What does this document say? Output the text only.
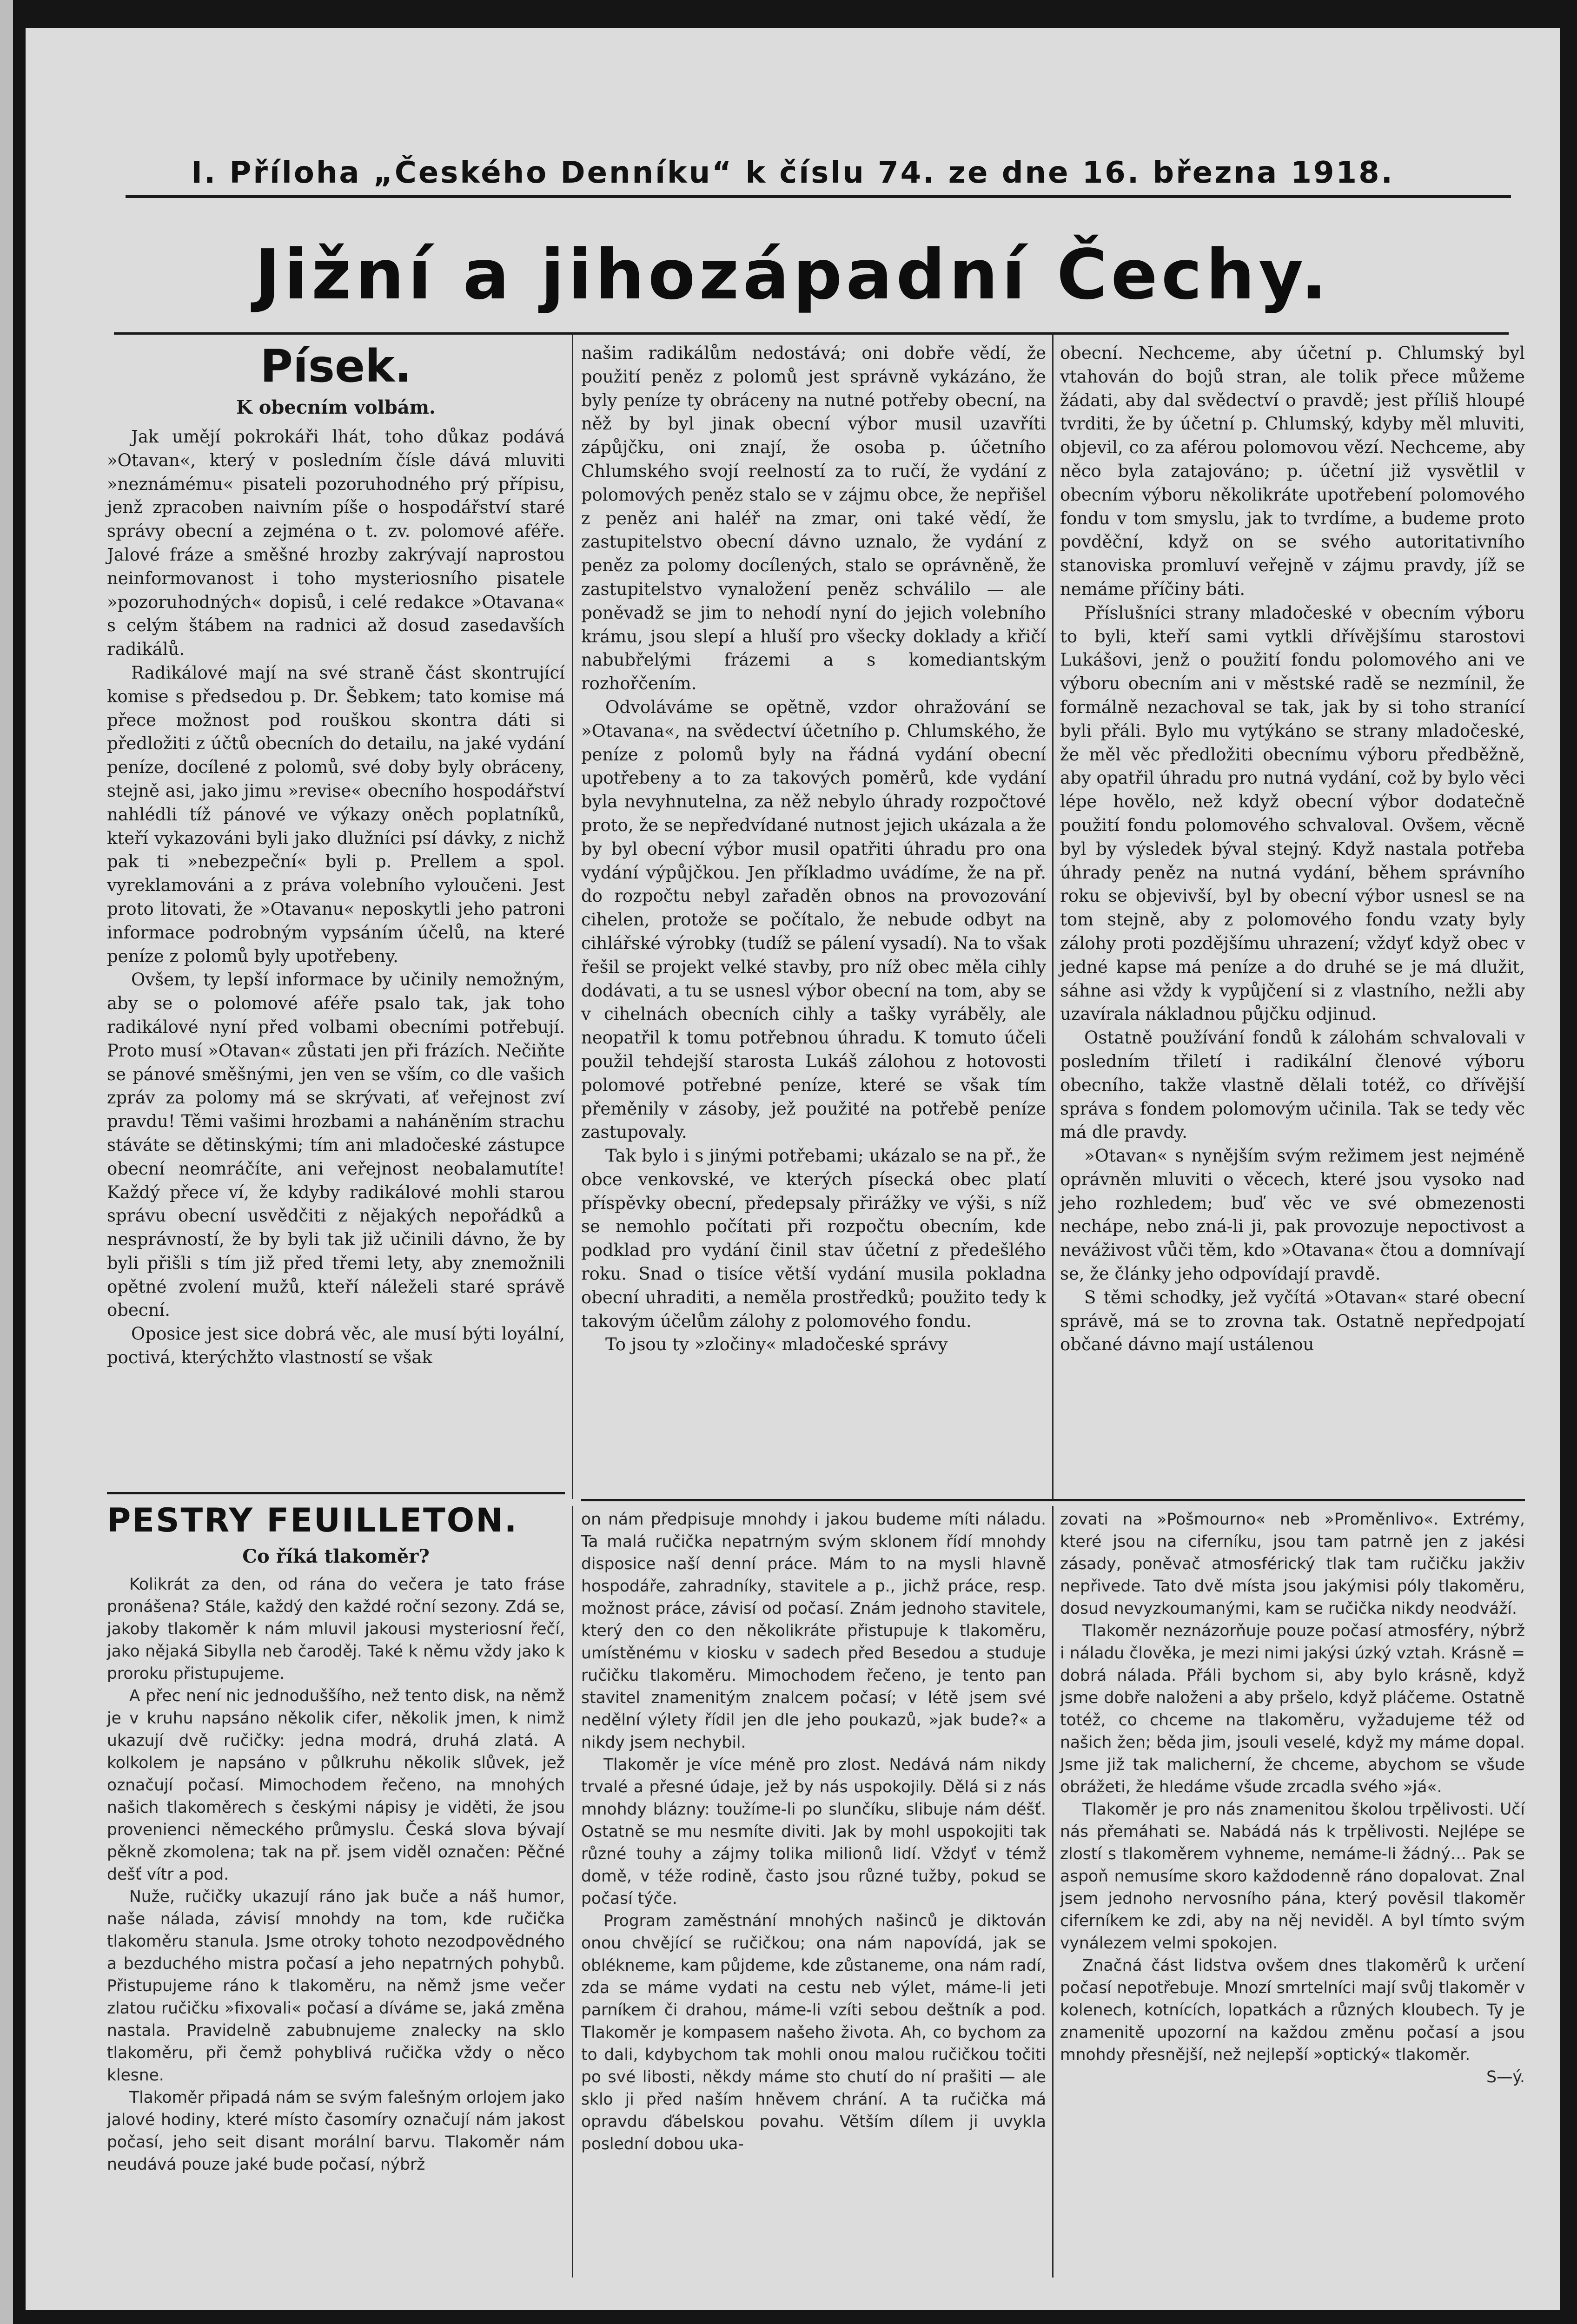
I. Příloha „Českého Denníku“ k číslu 74. ze dne 16. března 1918.
Jižní a jihozápadní Čechy.
Písek.
K obecním volbám.

Jak umějí pokrokáři lhát, toho důkaz podává »Otavan«, který v posledním čísle dává mluviti »neznámému« pisateli pozoruhodného prý přípisu, jenž zpracoben naivním píše o hospodářství staré správy obecní a zejména o t. zv. polomové aféře. Jalové fráze a směšné hrozby zakrývají naprostou neinformovanost i toho mysteriosního pisatele »pozoruhodných« dopisů, i celé redakce »Otavana« s celým štábem na radnici až dosud zasedavších radikálů.

Radikálové mají na své straně část skontrující komise s předsedou p. Dr. Šebkem; tato komise má přece možnost pod rouškou skontra dáti si předložiti z účtů obecních do detailu, na jaké vydání peníze, docílené z polomů, své doby byly obráceny, stejně asi, jako jimu »revise« obecního hospodářství nahlédli tíž pánové ve výkazy oněch poplatníků, kteří vykazováni byli jako dlužníci psí dávky, z nichž pak ti »nebezpeční« byli p. Prellem a spol. vyreklamováni a z práva volebního vyloučeni. Jest proto litovati, že »Otavanu« neposkytli jeho patroni informace podrobným vypsáním účelů, na které peníze z polomů byly upotřebeny.

Ovšem, ty lepší informace by učinily nemožným, aby se o polomové aféře psalo tak, jak toho radikálové nyní před volbami obecními potřebují. Proto musí »Otavan« zůstati jen při frázích. Nečiňte se pánové směšnými, jen ven se vším, co dle vašich zpráv za polomy má se skrývati, ať veřejnost zví pravdu! Těmi vašimi hrozbami a naháněním strachu stáváte se dětinskými; tím ani mladočeské zástupce obecní neomráčíte, ani veřejnost neobalamutíte! Každý přece ví, že kdyby radikálové mohli starou správu obecní usvědčiti z nějakých nepořádků a nesprávností, že by byli tak již učinili dávno, že by byli přišli s tím již před třemi lety, aby znemožnili opětné zvolení mužů, kteří náleželi staré správě obecní.

Oposice jest sice dobrá věc, ale musí býti loyální, poctivá, kterýchžto vlastností se však

našim radikálům nedostává; oni dobře vědí, že použití peněz z polomů jest správně vykázáno, že byly peníze ty obráceny na nutné potřeby obecní, na něž by byl jinak obecní výbor musil uzavříti zápůjčku, oni znají, že osoba p. účetního Chlumského svojí reelností za to ručí, že vydání z polomových peněz stalo se v zájmu obce, že nepřišel z peněz ani haléř na zmar, oni také vědí, že zastupitelstvo obecní dávno uznalo, že vydání z peněz za polomy docílených, stalo se oprávněně, že zastupitelstvo vynaložení peněz schválilo — ale poněvadž se jim to nehodí nyní do jejich volebního krámu, jsou slepí a hluší pro všecky doklady a křičí nabubřelými frázemi a s komediantským rozhořčením.

Odvoláváme se opětně, vzdor ohražování se »Otavana«, na svědectví účetního p. Chlumského, že peníze z polomů byly na řádná vydání obecní upotřebeny a to za takových poměrů, kde vydání byla nevyhnutelna, za něž nebylo úhrady rozpočtové proto, že se nepředvídané nutnost jejich ukázala a že by byl obecní výbor musil opatřiti úhradu pro ona vydání výpůjčkou. Jen příkladmo uvádíme, že na př. do rozpočtu nebyl zařaděn obnos na provozování cihelen, protože se počítalo, že nebude odbyt na cihlářské výrobky (tudíž se pálení vysadí). Na to však řešil se projekt velké stavby, pro níž obec měla cihly dodávati, a tu se usnesl výbor obecní na tom, aby se v cihelnách obecních cihly a tašky vyráběly, ale neopatřil k tomu potřebnou úhradu. K tomuto účeli použil tehdejší starosta Lukáš zálohou z hotovosti polomové potřebné peníze, které se však tím přeměnily v zásoby, jež použité na potřebě peníze zastupovaly.

Tak bylo i s jinými potřebami; ukázalo se na př., že obce venkovské, ve kterých písecká obec platí příspěvky obecní, předepsaly přirážky ve výši, s níž se nemohlo počítati při rozpočtu obecním, kde podklad pro vydání činil stav účetní z předešlého roku. Snad o tisíce větší vydání musila pokladna obecní uhraditi, a neměla prostředků; použito tedy k takovým účelům zálohy z polomového fondu.

To jsou ty »zločiny« mladočeské správy

obecní. Nechceme, aby účetní p. Chlumský byl vtahován do bojů stran, ale tolik přece můžeme žádati, aby dal svědectví o pravdě; jest příliš hloupé tvrditi, že by účetní p. Chlumský, kdyby měl mluviti, objevil, co za aférou polomovou vězí. Nechceme, aby něco byla zatajováno; p. účetní již vysvětlil v obecním výboru několikráte upotřebení polomového fondu v tom smyslu, jak to tvrdíme, a budeme proto povděční, když on se svého autoritativního stanoviska promluví veřejně v zájmu pravdy, jíž se nemáme příčiny báti.

Příslušníci strany mladočeské v obecním výboru to byli, kteří sami vytkli dřívějšímu starostovi Lukášovi, jenž o použití fondu polomového ani ve výboru obecním ani v městské radě se nezmínil, že formálně nezachoval se tak, jak by si toho stranící byli přáli. Bylo mu vytýkáno se strany mladočeské, že měl věc předložiti obecnímu výboru předběžně, aby opatřil úhradu pro nutná vydání, což by bylo věci lépe hovělo, než když obecní výbor dodatečně použití fondu polomového schvaloval. Ovšem, věcně byl by výsledek býval stejný. Když nastala potřeba úhrady peněz na nutná vydání, během správního roku se objevivší, byl by obecní výbor usnesl se na tom stejně, aby z polomového fondu vzaty byly zálohy proti pozdějšímu uhrazení; vždyť když obec v jedné kapse má peníze a do druhé se je má dlužit, sáhne asi vždy k vypůjčení si z vlastního, nežli aby uzavírala nákladnou půjčku odjinud.

Ostatně používání fondů k zálohám schvalovali v posledním třiletí i radikální členové výboru obecního, takže vlastně dělali totéž, co dřívější správa s fondem polomovým učinila. Tak se tedy věc má dle pravdy.

»Otavan« s nynějším svým režimem jest nejméně oprávněn mluviti o věcech, které jsou vysoko nad jeho rozhledem; buď věc ve své obmezenosti nechápe, nebo zná-li ji, pak provozuje nepoctivost a neváživost vůči těm, kdo »Otavana« čtou a domnívají se, že články jeho odpovídají pravdě.

S těmi schodky, jež vyčítá »Otavan« staré obecní správě, má se to zrovna tak. Ostatně nepředpojatí občané dávno mají ustálenou

PESTRY FEUILLETON.
Co říká tlakoměr?

Kolikrát za den, od rána do večera je tato fráse pronášena? Stále, každý den každé roční sezony. Zdá se, jakoby tlakoměr k nám mluvil jakousi mysteriosní řečí, jako nějaká Sibylla neb čaroděj. Také k němu vždy jako k proroku přistupujeme.

A přec není nic jednoduššího, než tento disk, na němž je v kruhu napsáno několik cifer, několik jmen, k nimž ukazují dvě ručičky: jedna modrá, druhá zlatá. A kolkolem je napsáno v půlkruhu několik slůvek, jež označují počasí. Mimochodem řečeno, na mnohých našich tlakoměrech s českými nápisy je viděti, že jsou provenienci německého průmyslu. Česká slova bývají pěkně zkomolena; tak na př. jsem viděl označen: Pěčné dešť vítr a pod.

Nuže, ručičky ukazují ráno jak buče a náš humor, naše nálada, závisí mnohdy na tom, kde ručička tlakoměru stanula. Jsme otroky tohoto nezodpovědného a bezduchého mistra počasí a jeho nepatrných pohybů. Přistupujeme ráno k tlakoměru, na němž jsme večer zlatou ručičku »fixovali« počasí a díváme se, jaká změna nastala. Pravidelně zabubnujeme znalecky na sklo tlakoměru, při čemž pohyblivá ručička vždy o něco klesne.

Tlakoměr připadá nám se svým falešným orlojem jako jalové hodiny, které místo časomíry označují nám jakost počasí, jeho seit disant morální barvu. Tlakoměr nám neudává pouze jaké bude počasí, nýbrž

on nám předpisuje mnohdy i jakou budeme míti náladu. Ta malá ručička nepatrným svým sklonem řídí mnohdy disposice naší denní práce. Mám to na mysli hlavně hospodáře, zahradníky, stavitele a p., jichž práce, resp. možnost práce, závisí od počasí. Znám jednoho stavitele, který den co den několikráte přistupuje k tlakoměru, umístěnému v kiosku v sadech před Besedou a studuje ručičku tlakoměru. Mimochodem řečeno, je tento pan stavitel znamenitým znalcem počasí; v létě jsem své nedělní výlety řídil jen dle jeho poukazů, »jak bude?« a nikdy jsem nechybil.

Tlakoměr je více méně pro zlost. Nedává nám nikdy trvalé a přesné údaje, jež by nás uspokojily. Dělá si z nás mnohdy blázny: toužíme-li po slunčíku, slibuje nám déšť. Ostatně se mu nesmíte diviti. Jak by mohl uspokojiti tak různé touhy a zájmy tolika milionů lidí. Vždyť v témž domě, v téže rodině, často jsou různé tužby, pokud se počasí týče.

Program zaměstnání mnohých našinců je diktován onou chvějící se ručičkou; ona nám napovídá, jak se oblékneme, kam půjdeme, kde zůstaneme, ona nám radí, zda se máme vydati na cestu neb výlet, máme-li jeti parníkem či drahou, máme-li vzíti sebou deštník a pod. Tlakoměr je kompasem našeho života. Ah, co bychom za to dali, kdybychom tak mohli onou malou ručičkou točiti po své libosti, někdy máme sto chutí do ní prašiti — ale sklo ji před naším hněvem chrání. A ta ručička má opravdu ďábelskou povahu. Větším dílem ji uvykla poslední dobou uka-

zovati na »Pošmourno« neb »Proměnlivo«. Extrémy, které jsou na ciferníku, jsou tam patrně jen z jakési zásady, poněvač atmosférický tlak tam ručičku jakživ nepřivede. Tato dvě místa jsou jakýmisi póly tlakoměru, dosud nevyzkoumanými, kam se ručička nikdy neodváží.

Tlakoměr neznázorňuje pouze počasí atmosféry, nýbrž i náladu člověka, je mezi nimi jakýsi úzký vztah. Krásně = dobrá nálada. Přáli bychom si, aby bylo krásně, když jsme dobře naloženi a aby pršelo, když pláčeme. Ostatně totéž, co chceme na tlakoměru, vyžadujeme též od našich žen; běda jim, jsouli veselé, když my máme dopal. Jsme již tak malicherní, že chceme, abychom se všude obrážeti, že hledáme všude zrcadla svého »já«.

Tlakoměr je pro nás znamenitou školou trpělivosti. Učí nás přemáhati se. Nabádá nás k trpělivosti. Nejlépe se zlostí s tlakoměrem vyhneme, nemáme-li žádný… Pak se aspoň nemusíme skoro každodenně ráno dopalovat. Znal jsem jednoho nervosního pána, který pověsil tlakoměr ciferníkem ke zdi, aby na něj neviděl. A byl tímto svým vynálezem velmi spokojen.

Značná část lidstva ovšem dnes tlakoměrů k určení počasí nepotřebuje. Mnozí smrtelníci mají svůj tlakoměr v kolenech, kotnících, lopatkách a různých kloubech. Ty je znamenitě upozorní na každou změnu počasí a jsou mnohdy přesnější, než nejlepší »optický« tlakoměr.

S—ý.
